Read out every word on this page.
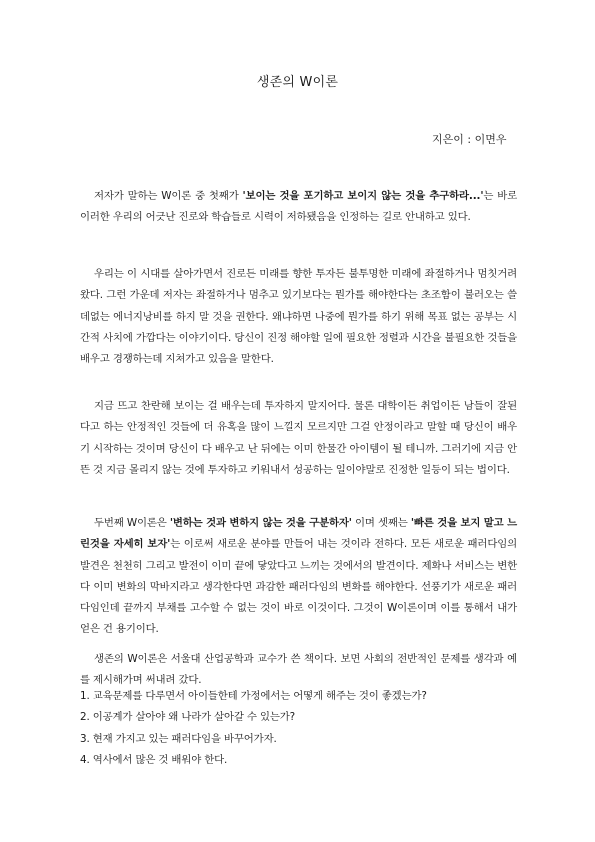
생존의 W이론
지은이 : 이면우

저자가 말하는 W이론 중 첫째가 '보이는 것을 포기하고 보이지 않는 것을 추구하라...'는 바로 이러한 우리의 어긋난 진로와 학습들로 시력이 저하됐음을 인정하는 길로 안내하고 있다.

우리는 이 시대를 살아가면서 진로든 미래를 향한 투자든 불투명한 미래에 좌절하거나 멈칫거려 왔다. 그런 가운데 저자는 좌절하거나 멈추고 있기보다는 뭔가를 해야한다는 초조함이 불러오는 쓸데없는 에너지낭비를 하지 말 것을 권한다. 왜냐하면 나중에 뭔가를 하기 위해 목표 없는 공부는 시간적 사치에 가깝다는 이야기이다. 당신이 진정 해야할 일에 필요한 정렬과 시간을 불필요한 것들을 배우고 경쟁하는데 지쳐가고 있음을 말한다.

지금 뜨고 찬란해 보이는 걸 배우는데 투자하지 말지어다. 물론 대학이든 취업이든 남들이 잘된다고 하는 안정적인 것들에 더 유혹을 많이 느낄지 모르지만 그걸 안정이라고 말할 때 당신이 배우기 시작하는 것이며 당신이 다 배우고 난 뒤에는 이미 한물간 아이템이 될 테니까. 그러기에 지금 안뜬 것 지금 몰리지 않는 것에 투자하고 키워내서 성공하는 일이야말로 진정한 일등이 되는 법이다.

두번째 W이론은 '변하는 것과 변하지 않는 것을 구분하자' 이며 셋째는 '빠른 것을 보지 말고 느린것을 자세히 보자'는 이로써 새로운 분야를 만들어 내는 것이라 전하다. 모든 새로운 패러다임의 발견은 천천히 그리고 발전이 이미 끝에 닿았다고 느끼는 것에서의 발견이다. 제화나 서비스는 변한다 이미 변화의 막바지라고 생각한다면 과감한 패러다임의 변화를 해야한다. 선풍기가 새로운 패러다임인데 끝까지 부채를 고수할 수 없는 것이 바로 이것이다. 그것이 W이론이며 이를 통해서 내가 얻은 건 용기이다.

생존의 W이론은 서울대 산업공학과 교수가 쓴 책이다. 보면 사회의 전반적인 문제를 생각과 예를 제시해가며 써내려 갔다.

1. 교육문제를 다루면서 아이들한테 가정에서는 어떻게 해주는 것이 좋겠는가?
2. 이공계가 살아야 왜 나라가 살아갈 수 있는가?
3. 현재 가지고 있는 패러다임을 바꾸어가자.
4. 역사에서 많은 것 배워야 한다.
